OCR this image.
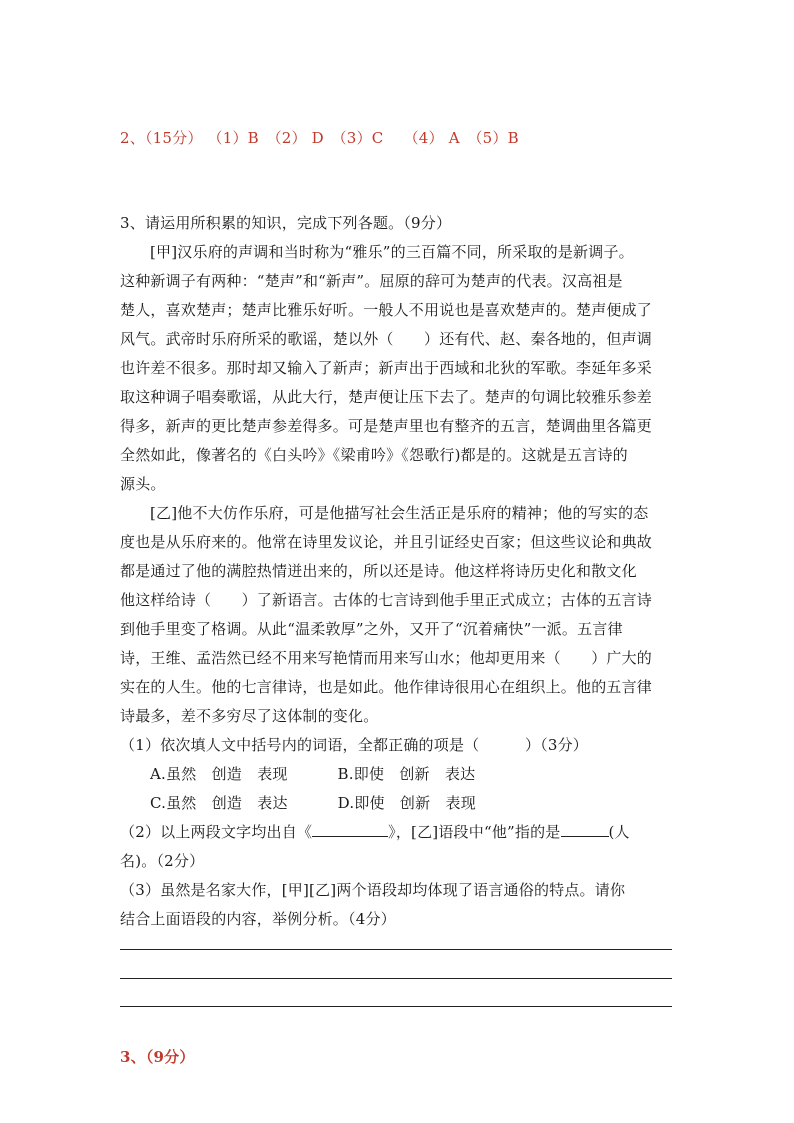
2、（15分） （1）B　（2） D　（3）C　 （4） A　（5）B
3、请运用所积累的知识，完成下列各题。（9分）
[甲]汉乐府的声调和当时称为“雅乐”的三百篇不同，所采取的是新调子。
这种新调子有两种：“楚声”和“新声”。屈原的辞可为楚声的代表。汉高祖是
楚人，喜欢楚声；楚声比雅乐好听。一般人不用说也是喜欢楚声的。楚声便成了
风气。武帝时乐府所采的歌谣，楚以外（　　）还有代、赵、秦各地的，但声调
也许差不很多。那时却又输入了新声；新声出于西域和北狄的军歌。李延年多采
取这种调子唱奏歌谣，从此大行，楚声便让压下去了。楚声的句调比较雅乐参差
得多，新声的更比楚声参差得多。可是楚声里也有整齐的五言，楚调曲里各篇更
全然如此，像著名的《白头吟》《梁甫吟》《怨歌行)都是的。这就是五言诗的
源头。
[乙]他不大仿作乐府，可是他描写社会生活正是乐府的精神；他的写实的态
度也是从乐府来的。他常在诗里发议论，并且引证经史百家；但这些议论和典故
都是通过了他的满腔热情迸出来的，所以还是诗。他这样将诗历史化和散文化
他这样给诗（　　）了新语言。古体的七言诗到他手里正式成立；古体的五言诗
到他手里变了格调。从此“温柔敦厚”之外，又开了“沉着痛快”一派。五言律
诗，王维、孟浩然已经不用来写艳情而用来写山水；他却更用来（　　）广大的
实在的人生。他的七言律诗，也是如此。他作律诗很用心在组织上。他的五言律
诗最多，差不多穷尽了这体制的变化。
（1）依次填人文中括号内的词语，全都正确的项是（　　　）（3分）
A.虽然　创造　表现	B.即使　创新　表达
C.虽然　创造　表达	D.即使　创新　表现
（2）以上两段文字均出自《	》，[乙]语段中“他”指的是	(人
名)。（2分）
（3）虽然是名家大作，[甲][乙]两个语段却均体现了语言通俗的特点。请你
结合上面语段的内容，举例分析。（4分）
3、（9分）
